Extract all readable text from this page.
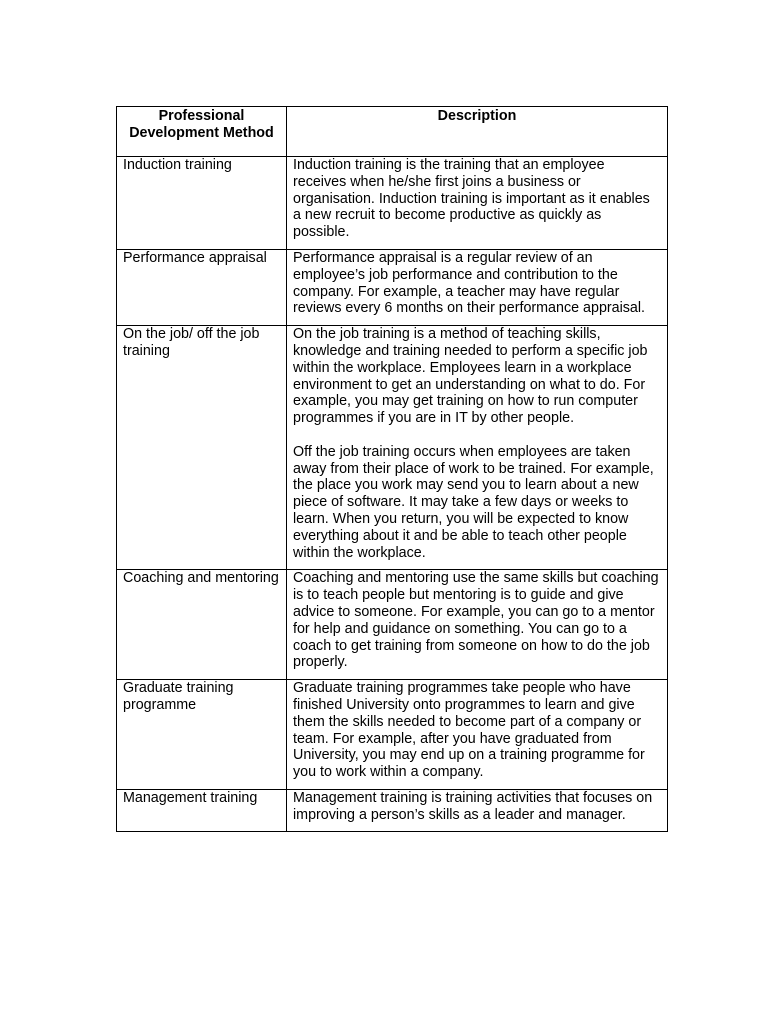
Professional Development Method	Description
Induction training	Induction training is the training that an employee receives when he/she first joins a business or organisation. Induction training is important as it enables a new recruit to become productive as quickly as possible.

Performance appraisal	Performance appraisal is a regular review of an employee’s job performance and contribution to the company. For example, a teacher may have regular reviews every 6 months on their performance appraisal.

On the job/ off the job training	On the job training is a method of teaching skills, knowledge and training needed to perform a specific job within the workplace. Employees learn in a workplace environment to get an understanding on what to do. For example, you may get training on how to run computer programmes if you are in IT by other people.
Off the job training occurs when employees are taken away from their place of work to be trained. For example, the place you work may send you to learn about a new piece of software. It may take a few days or weeks to learn. When you return, you will be expected to know everything about it and be able to teach other people within the workplace.

Coaching and mentoring	Coaching and mentoring use the same skills but coaching is to teach people but mentoring is to guide and give advice to someone. For example, you can go to a mentor for help and guidance on something. You can go to a coach to get training from someone on how to do the job properly.

Graduate training programme	Graduate training programmes take people who have finished University onto programmes to learn and give them the skills needed to become part of a company or team. For example, after you have graduated from University, you may end up on a training programme for you to work within a company.

Management training	Management training is training activities that focuses on improving a person’s skills as a leader and manager.
